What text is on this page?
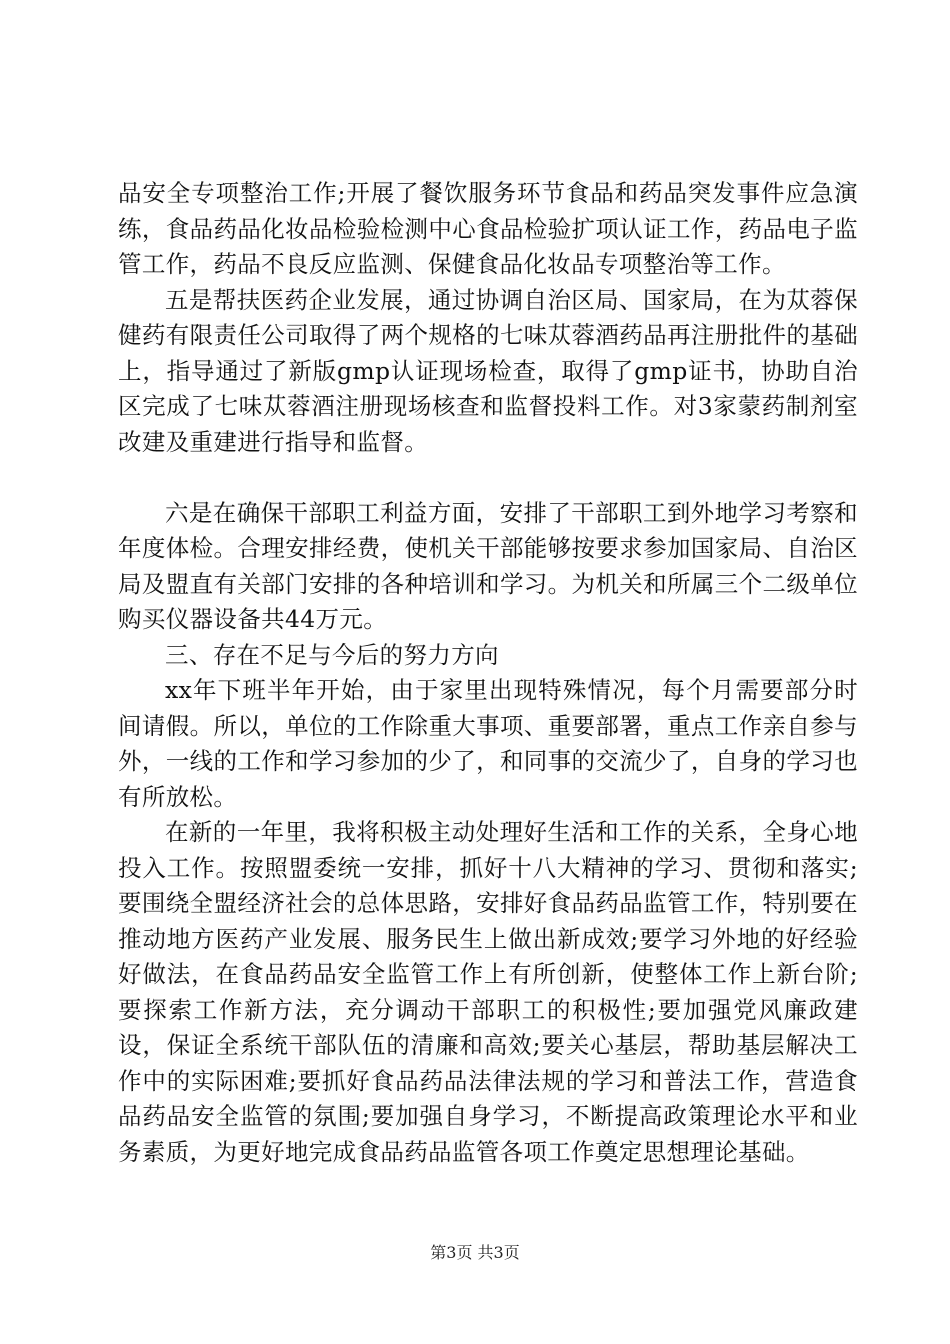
品安全专项整治工作;开展了餐饮服务环节食品和药品突发事件应急演练，食品药品化妆品检验检测中心食品检验扩项认证工作，药品电子监管工作，药品不良反应监测、保健食品化妆品专项整治等工作。

五是帮扶医药企业发展，通过协调自治区局、国家局，在为苁蓉保健药有限责任公司取得了两个规格的七味苁蓉酒药品再注册批件的基础上，指导通过了新版gmp认证现场检查，取得了gmp证书，协助自治区完成了七味苁蓉酒注册现场核查和监督投料工作。对3家蒙药制剂室改建及重建进行指导和监督。

六是在确保干部职工利益方面，安排了干部职工到外地学习考察和年度体检。合理安排经费，使机关干部能够按要求参加国家局、自治区局及盟直有关部门安排的各种培训和学习。为机关和所属三个二级单位购买仪器设备共44万元。

三、存在不足与今后的努力方向

xx年下班半年开始，由于家里出现特殊情况，每个月需要部分时间请假。所以，单位的工作除重大事项、重要部署，重点工作亲自参与外，一线的工作和学习参加的少了，和同事的交流少了，自身的学习也有所放松。

在新的一年里，我将积极主动处理好生活和工作的关系，全身心地投入工作。按照盟委统一安排，抓好十八大精神的学习、贯彻和落实;要围绕全盟经济社会的总体思路，安排好食品药品监管工作，特别要在推动地方医药产业发展、服务民生上做出新成效;要学习外地的好经验好做法，在食品药品安全监管工作上有所创新，使整体工作上新台阶;要探索工作新方法，充分调动干部职工的积极性;要加强党风廉政建设，保证全系统干部队伍的清廉和高效;要关心基层，帮助基层解决工作中的实际困难;要抓好食品药品法律法规的学习和普法工作，营造食品药品安全监管的氛围;要加强自身学习，不断提高政策理论水平和业务素质，为更好地完成食品药品监管各项工作奠定思想理论基础。

第3页 共3页
